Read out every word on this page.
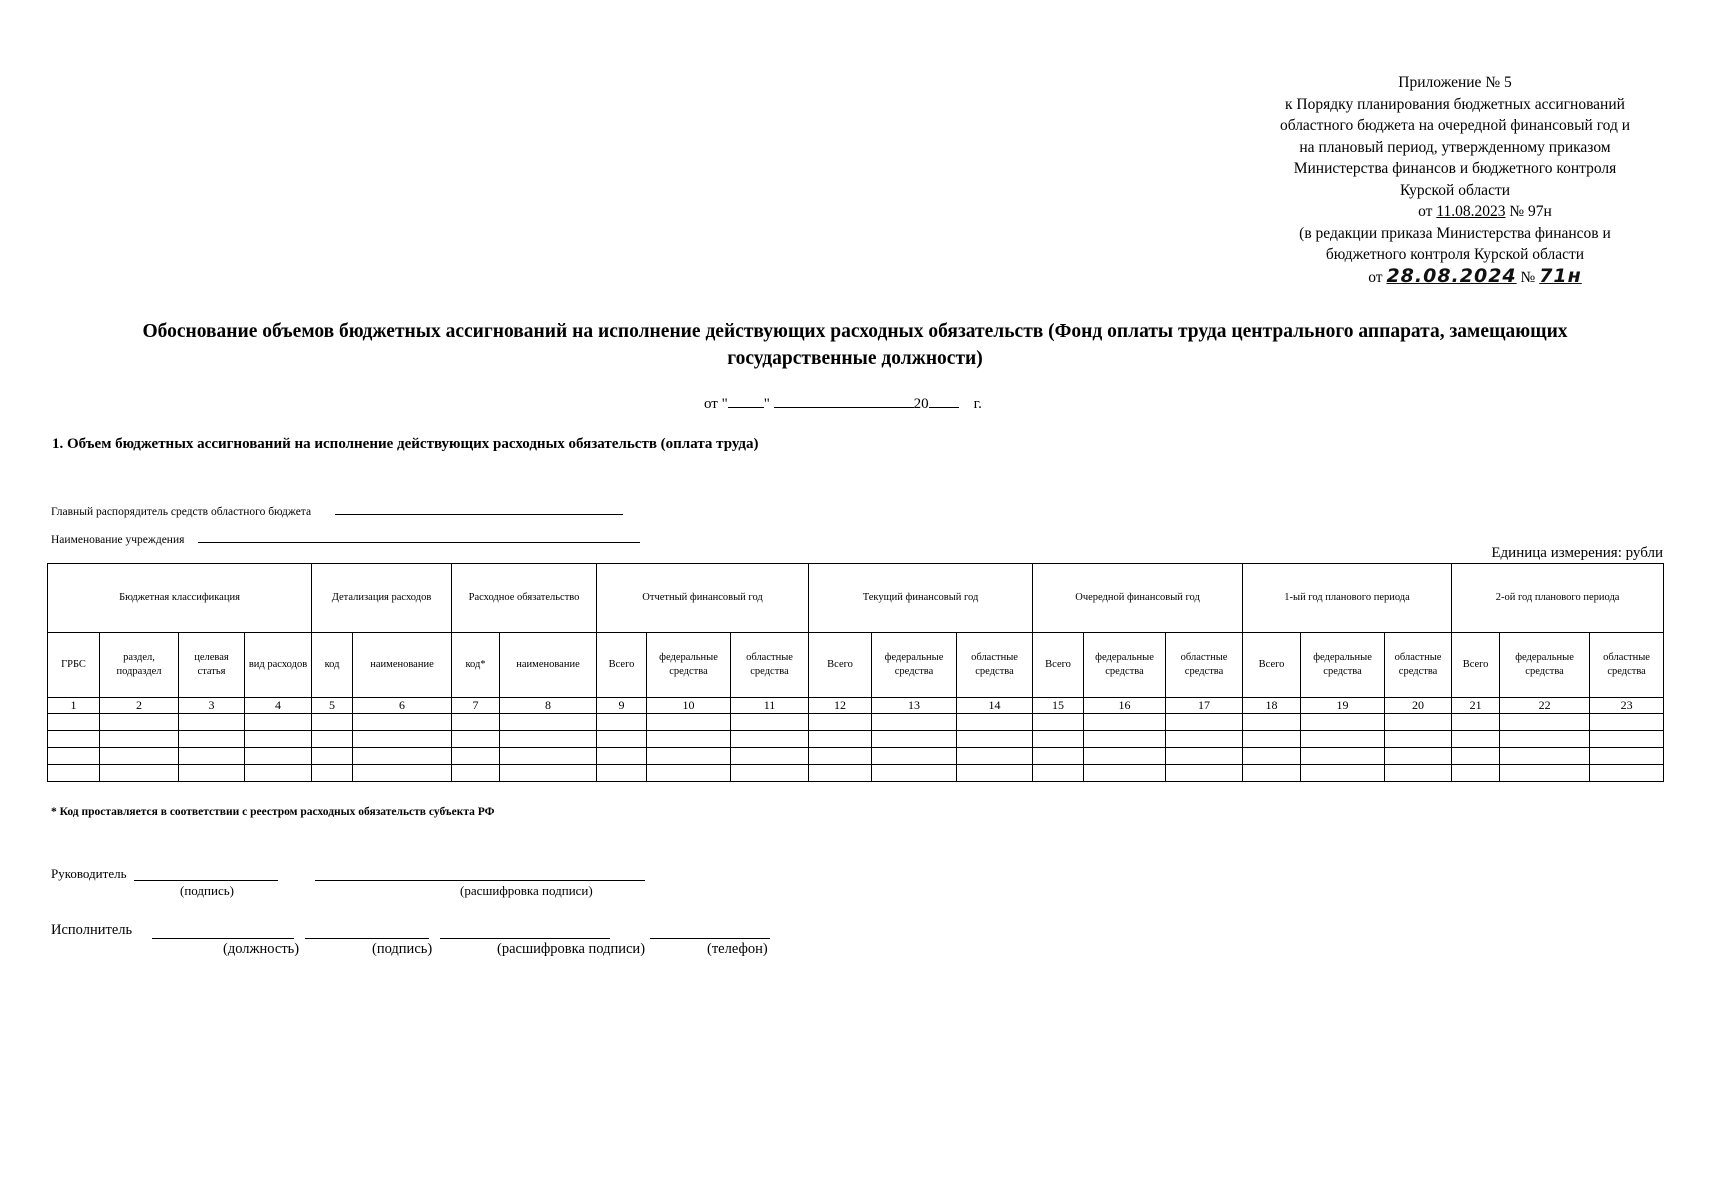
Приложение № 5
к Порядку планирования бюджетных ассигнований
областного бюджета на очередной финансовый год и
на плановый период, утвержденному приказом
Министерства финансов и бюджетного контроля
Курской области
от 11.08.2023 № 97н
(в редакции приказа Министерства финансов и
бюджетного контроля Курской области
от 28.08.2024 № 71н
Обоснование объемов бюджетных ассигнований на исполнение действующих расходных обязательств (Фонд оплаты труда центрального аппарата, замещающих
государственные должности)
от " "	20	г.
1. Объем бюджетных ассигнований на исполнение действующих расходных обязательств (оплата труда)
Главный распорядитель средств областного бюджета
Наименование учреждения
Единица измерения: рубли
Бюджетная классификация				Детализация расходов		Расходное обязательство		Отчетный финансовый год			Текущий финансовый год			Очередной финансовый год			1-ый год планового периода			2-ой год планового периода		
ГРБС	раздел, подраздел	целевая статья	вид расходов	код	наименование	код*	наименование	Всего	федеральные средства	областные средства	Всего	федеральные средства	областные средства	Всего	федеральные средства	областные средства	Всего	федеральные средства	областные средства	Всего	федеральные средства	областные средства
1	2	3	4	5	6	7	8	9	10	11	12	13	14	15	16	17	18	19	20	21	22	23

* Код проставляется в соответствии с реестром расходных обязательств субъекта РФ
Руководитель
(подпись)	(расшифровка подписи)
Исполнитель
(должность)	(подпись)	(расшифровка подписи)	(телефон)
